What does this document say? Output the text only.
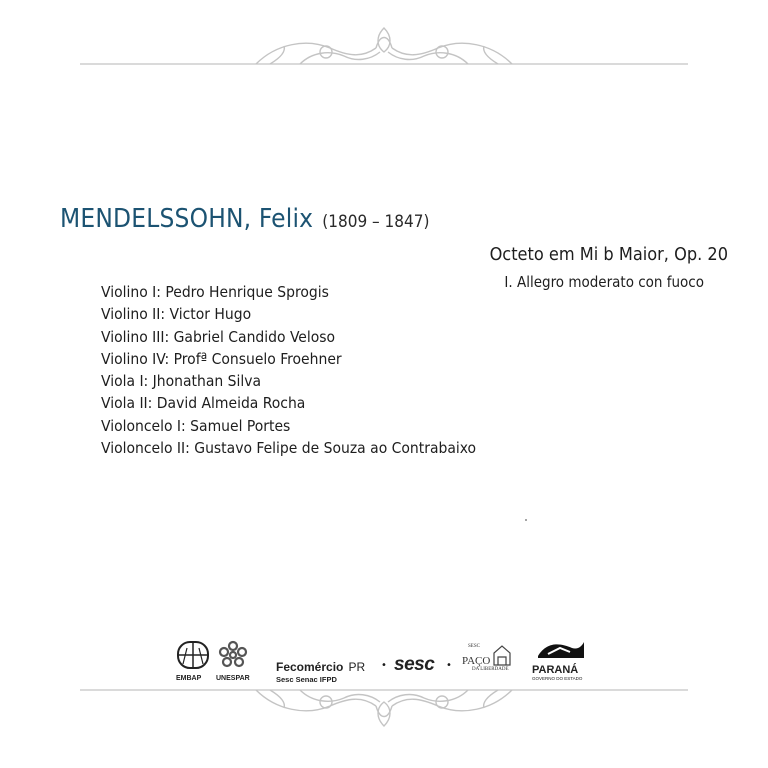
MENDELSSOHN, Felix (1809 – 1847)
Octeto em Mi b Maior, Op. 20
I. Allegro moderato con fuoco
Violino I: Pedro Henrique Sprogis
Violino II: Victor Hugo
Violino III: Gabriel Candido Veloso
Violino IV: Profª Consuelo Froehner
Viola I: Jhonathan Silva
Viola II: David Almeida Rocha
Violoncelo I: Samuel Portes
Violoncelo II: Gustavo Felipe de Souza ao Contrabaixo
EMBAP	UNESPAR
Fecomércio PR
Sesc Senac IFPD
• sesc •
SESC
PAÇO
DA LIBERDADE	PARANÁ
GOVERNO DO ESTADO
